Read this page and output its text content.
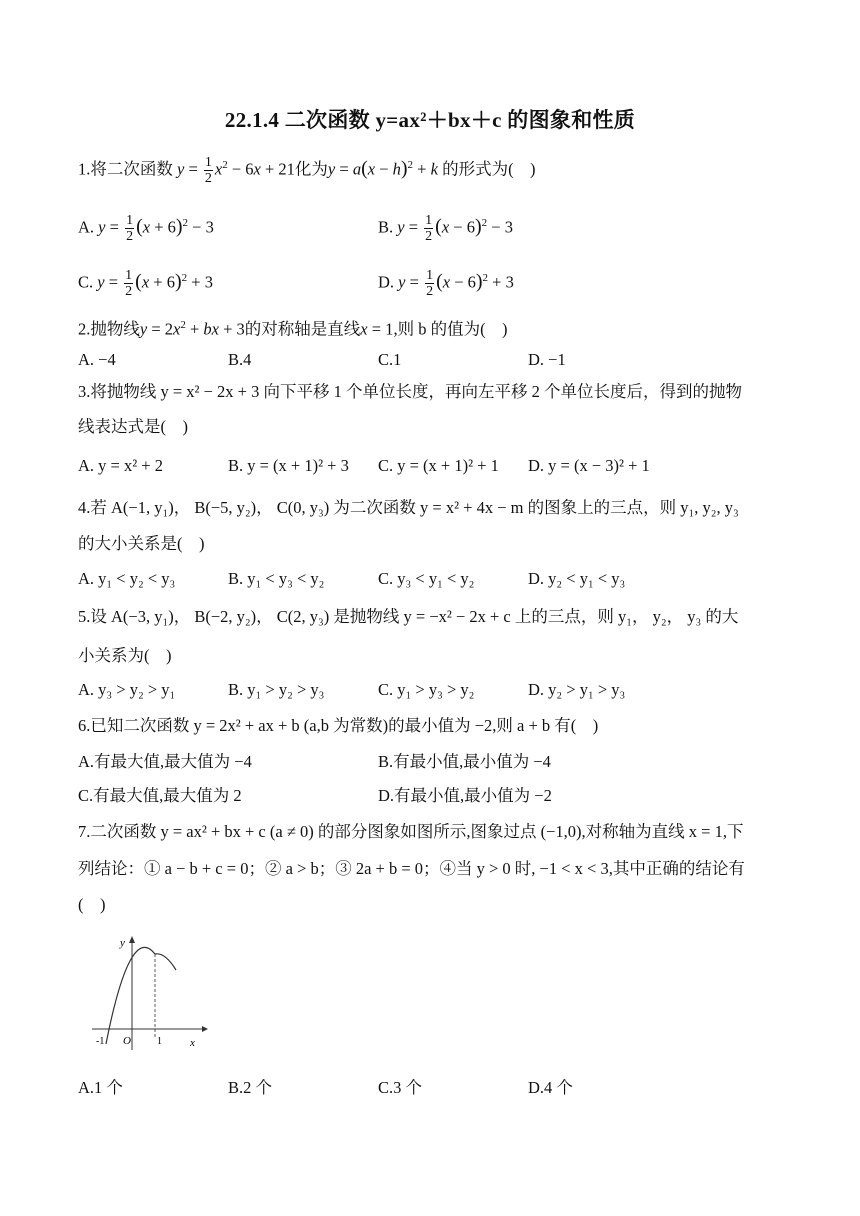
22.1.4 二次函数 y=ax²＋bx＋c 的图象和性质
1.将二次函数 $y = \frac{1}{2} x^2 - 6x + 21$化为$y = a(x - h)^2 + k$ 的形式为(　)
A. $y = \frac{1}{2} (x + 6)^2 - 3$	B. $y = \frac{1}{2} (x - 6)^2 - 3$
C. $y = \frac{1}{2} (x + 6)^2 + 3$	D. $y = \frac{1}{2} (x - 6)^2 + 3$
2.抛物线$y = 2x^2$ + bx + 3的对称轴是直线x = 1,则 b 的值为(　)
A. −4	B.4	C.1	D. −1
3.将抛物线 y = x² − 2x + 3 向下平移 1 个单位长度，再向左平移 2 个单位长度后，得到的抛物
线表达式是(　)
A. y = x² + 2	B. y = (x + 1)² + 3 C. y = (x + 1)² + 1 D. y = (x − 3)² + 1
4.若 A(−1, y₁)， B(−5, y₂)， C(0, y₃) 为二次函数 y = x² + 4x − m 的图象上的三点，则 y₁, y₂, y₃
的大小关系是(　)
A. y₁ < y₂ < y₃	B. y₁ < y₃ < y₂	C. y₃ < y₁ < y₂	D. y₂ < y₁ < y₃
5.设 A(−3, y₁)， B(−2, y₂)， C(2, y₃) 是抛物线 y = −x² − 2x + c 上的三点，则 y₁， y₂， y₃ 的大
小关系为(　)
A. y₃ > y₂ > y₁	B. y₁ > y₂ > y₃	C. y₁ > y₃ > y₂	D. y₂ > y₁ > y₃
6.已知二次函数 y = 2x² + ax + b (a,b 为常数)的最小值为 −2,则 a + b 有(　)
A.有最大值,最大值为 −4	B.有最小值,最小值为 −4
C.有最大值,最大值为 2	D.有最小值,最小值为 −2
7.二次函数 y = ax² + bx + c (a ≠ 0) 的部分图象如图所示,图象过点 (−1,0),对称轴为直线 x = 1,下
列结论：① a − b + c = 0；② a > b；③ 2a + b = 0；④当 y > 0 时, −1 < x < 3,其中正确的结论有
(　)
y
x
O
-1	1
A.1 个	B.2 个	C.3 个	D.4 个
